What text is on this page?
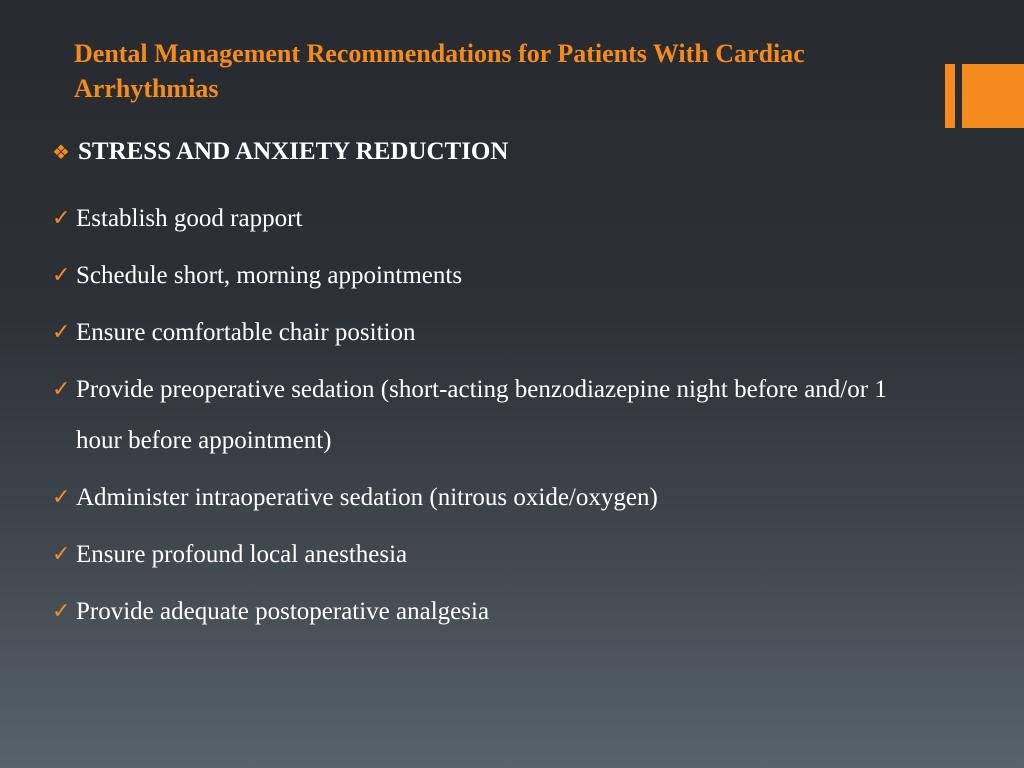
Dental Management Recommendations for Patients With Cardiac Arrhythmias
❖ STRESS AND ANXIETY REDUCTION
✓ Establish good rapport
✓ Schedule short, morning appointments
✓ Ensure comfortable chair position
✓ Provide preoperative sedation (short-acting benzodiazepine night before and/or 1 hour before appointment)
✓ Administer intraoperative sedation (nitrous oxide/oxygen)
✓ Ensure profound local anesthesia
✓ Provide adequate postoperative analgesia
